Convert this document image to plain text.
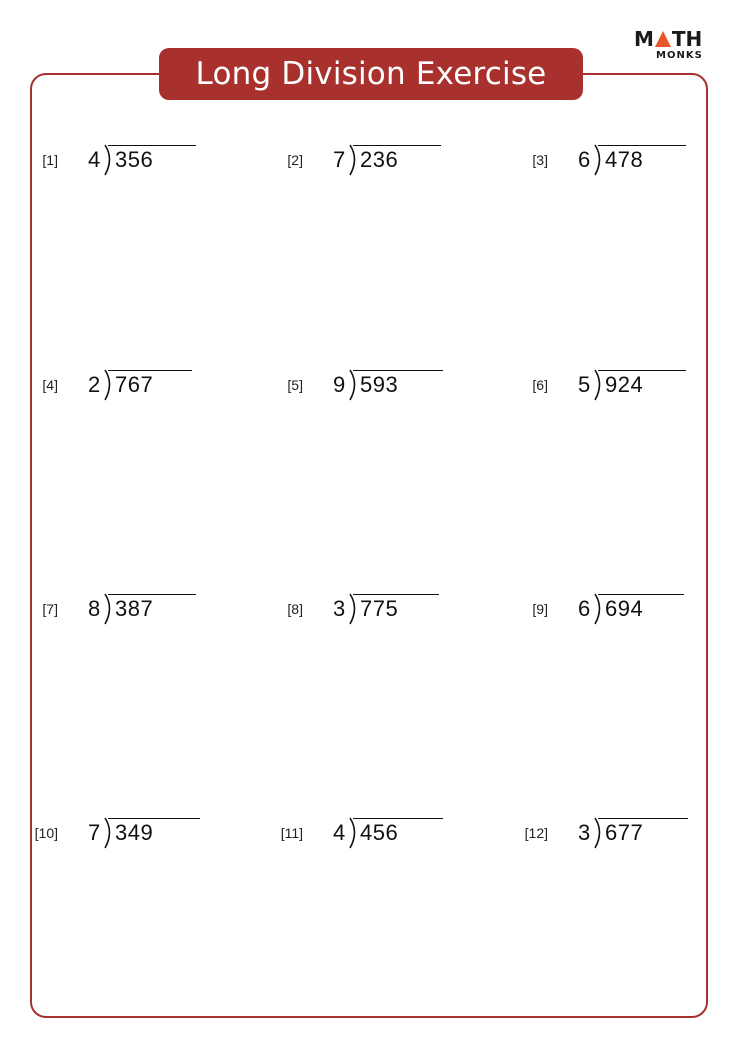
Long Division Exercise
M TH
MONKS
[1] 4 356	[2] 7 236	[3] 6 478
[4] 2 767	[5] 9 593	[6] 5 924
[7] 8 387	[8] 3 775	[9] 6 694
[10] 7 349	[11] 4 456	[12] 3 677
